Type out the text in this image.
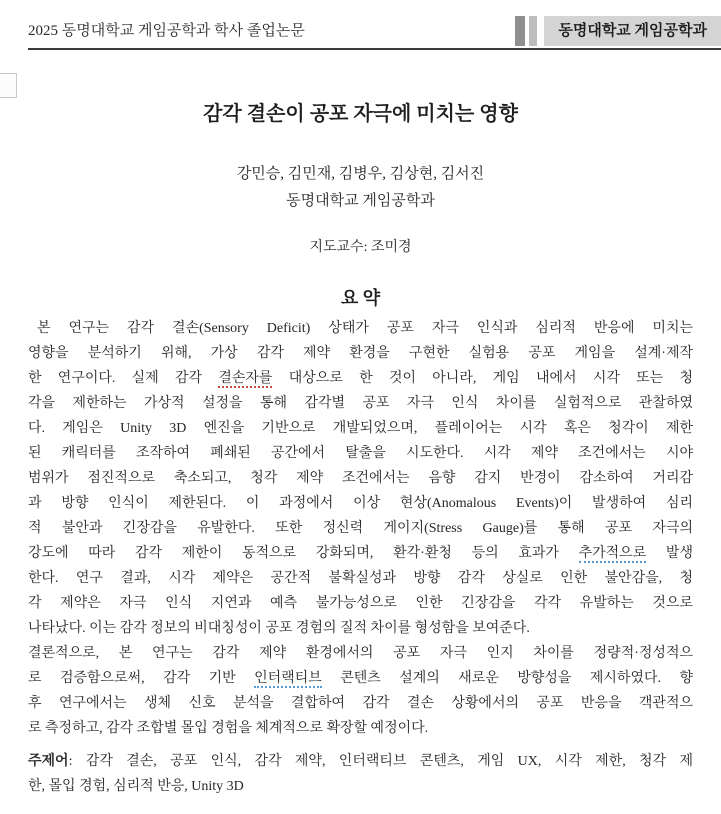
2025 동명대학교 게임공학과 학사 졸업논문	동명대학교 게임공학과
감각 결손이 공포 자극에 미치는 영향
강민승, 김민재, 김병우, 김상현, 김서진
동명대학교 게임공학과
지도교수: 조미경
요 약
본 연구는 감각 결손(Sensory Deficit) 상태가 공포 자극 인식과 심리적 반응에 미치는
영향을 분석하기 위해, 가상 감각 제약 환경을 구현한 실험용 공포 게임을 설계·제작
한 연구이다. 실제 감각 결손자를 대상으로 한 것이 아니라, 게임 내에서 시각 또는 청
각을 제한하는 가상적 설정을 통해 감각별 공포 자극 인식 차이를 실험적으로 관찰하였
다. 게임은 Unity 3D 엔진을 기반으로 개발되었으며, 플레이어는 시각 혹은 청각이 제한
된 캐릭터를 조작하여 폐쇄된 공간에서 탈출을 시도한다. 시각 제약 조건에서는 시야
범위가 점진적으로 축소되고, 청각 제약 조건에서는 음향 감지 반경이 감소하여 거리감
과 방향 인식이 제한된다. 이 과정에서 이상 현상(Anomalous Events)이 발생하여 심리
적 불안과 긴장감을 유발한다. 또한 정신력 게이지(Stress Gauge)를 통해 공포 자극의
강도에 따라 감각 제한이 동적으로 강화되며, 환각·환청 등의 효과가 추가적으로 발생
한다. 연구 결과, 시각 제약은 공간적 불확실성과 방향 감각 상실로 인한 불안감을, 청
각 제약은 자극 인식 지연과 예측 불가능성으로 인한 긴장감을 각각 유발하는 것으로
나타났다. 이는 감각 정보의 비대칭성이 공포 경험의 질적 차이를 형성함을 보여준다.
결론적으로, 본 연구는 감각 제약 환경에서의 공포 자극 인지 차이를 정량적·정성적으
로 검증함으로써, 감각 기반 인터랙티브 콘텐츠 설계의 새로운 방향성을 제시하였다. 향
후 연구에서는 생체 신호 분석을 결합하여 감각 결손 상황에서의 공포 반응을 객관적으
로 측정하고, 감각 조합별 몰입 경험을 체계적으로 확장할 예정이다.
주제어: 감각 결손, 공포 인식, 감각 제약, 인터랙티브 콘텐츠, 게임 UX, 시각 제한, 청각 제
한, 몰입 경험, 심리적 반응, Unity 3D
